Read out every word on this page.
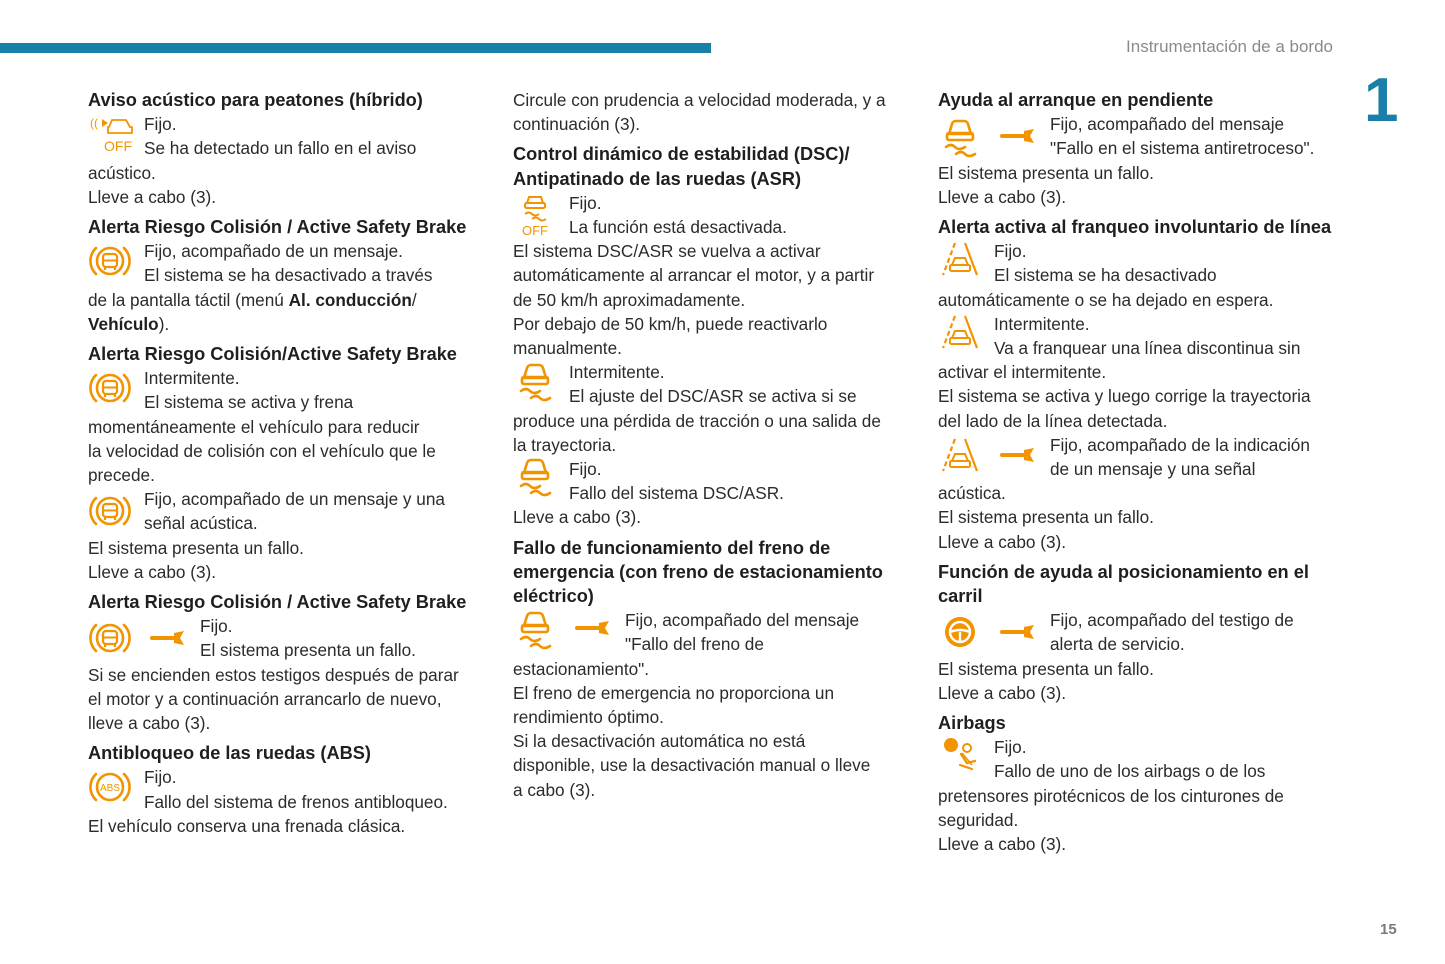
Instrumentación de a bordo
1
15
Aviso acústico para peatones (híbrido)
((
OFF

Fijo.

Se ha detectado un fallo en el aviso

acústico.

Lleve a cabo (3).

Alerta Riesgo Colisión / Active Safety Brake

Fijo, acompañado de un mensaje.

El sistema se ha desactivado a través

de la pantalla táctil (menú Al. conducción/

Vehículo).

Alerta Riesgo Colisión/Active Safety Brake

Intermitente.

El sistema se activa y frena

momentáneamente el vehículo para reducir

la velocidad de colisión con el vehículo que le

precede.

Fijo, acompañado de un mensaje y una

señal acústica.

El sistema presenta un fallo.

Lleve a cabo (3).

Alerta Riesgo Colisión / Active Safety Brake

Fijo.

El sistema presenta un fallo.

Si se encienden estos testigos después de parar

el motor y a continuación arrancarlo de nuevo,

lleve a cabo (3).

Antibloqueo de las ruedas (ABS)
ABS

Fijo.

Fallo del sistema de frenos antibloqueo.

El vehículo conserva una frenada clásica.

Circule con prudencia a velocidad moderada, y a

continuación (3).

Control dinámico de estabilidad (DSC)/ Antipatinado de las ruedas (ASR)
OFF

Fijo.

La función está desactivada.

El sistema DSC/ASR se vuelva a activar

automáticamente al arrancar el motor, y a partir

de 50 km/h aproximadamente.

Por debajo de 50 km/h, puede reactivarlo

manualmente.

Intermitente.

El ajuste del DSC/ASR se activa si se

produce una pérdida de tracción o una salida de

la trayectoria.

Fijo.

Fallo del sistema DSC/ASR.

Lleve a cabo (3).

Fallo de funcionamiento del freno de emergencia (con freno de estacionamiento eléctrico)

Fijo, acompañado del mensaje

"Fallo del freno de

estacionamiento".

El freno de emergencia no proporciona un

rendimiento óptimo.

Si la desactivación automática no está

disponible, use la desactivación manual o lleve

a cabo (3).

Ayuda al arranque en pendiente

Fijo, acompañado del mensaje

"Fallo en el sistema antiretroceso".

El sistema presenta un fallo.

Lleve a cabo (3).

Alerta activa al franqueo involuntario de línea

Fijo.

El sistema se ha desactivado

automáticamente o se ha dejado en espera.

Intermitente.

Va a franquear una línea discontinua sin

activar el intermitente.

El sistema se activa y luego corrige la trayectoria

del lado de la línea detectada.

Fijo, acompañado de la indicación

de un mensaje y una señal

acústica.

El sistema presenta un fallo.

Lleve a cabo (3).

Función de ayuda al posicionamiento en el carril

Fijo, acompañado del testigo de

alerta de servicio.

El sistema presenta un fallo.

Lleve a cabo (3).

Airbags

Fijo.

Fallo de uno de los airbags o de los

pretensores pirotécnicos de los cinturones de

seguridad.

Lleve a cabo (3).
